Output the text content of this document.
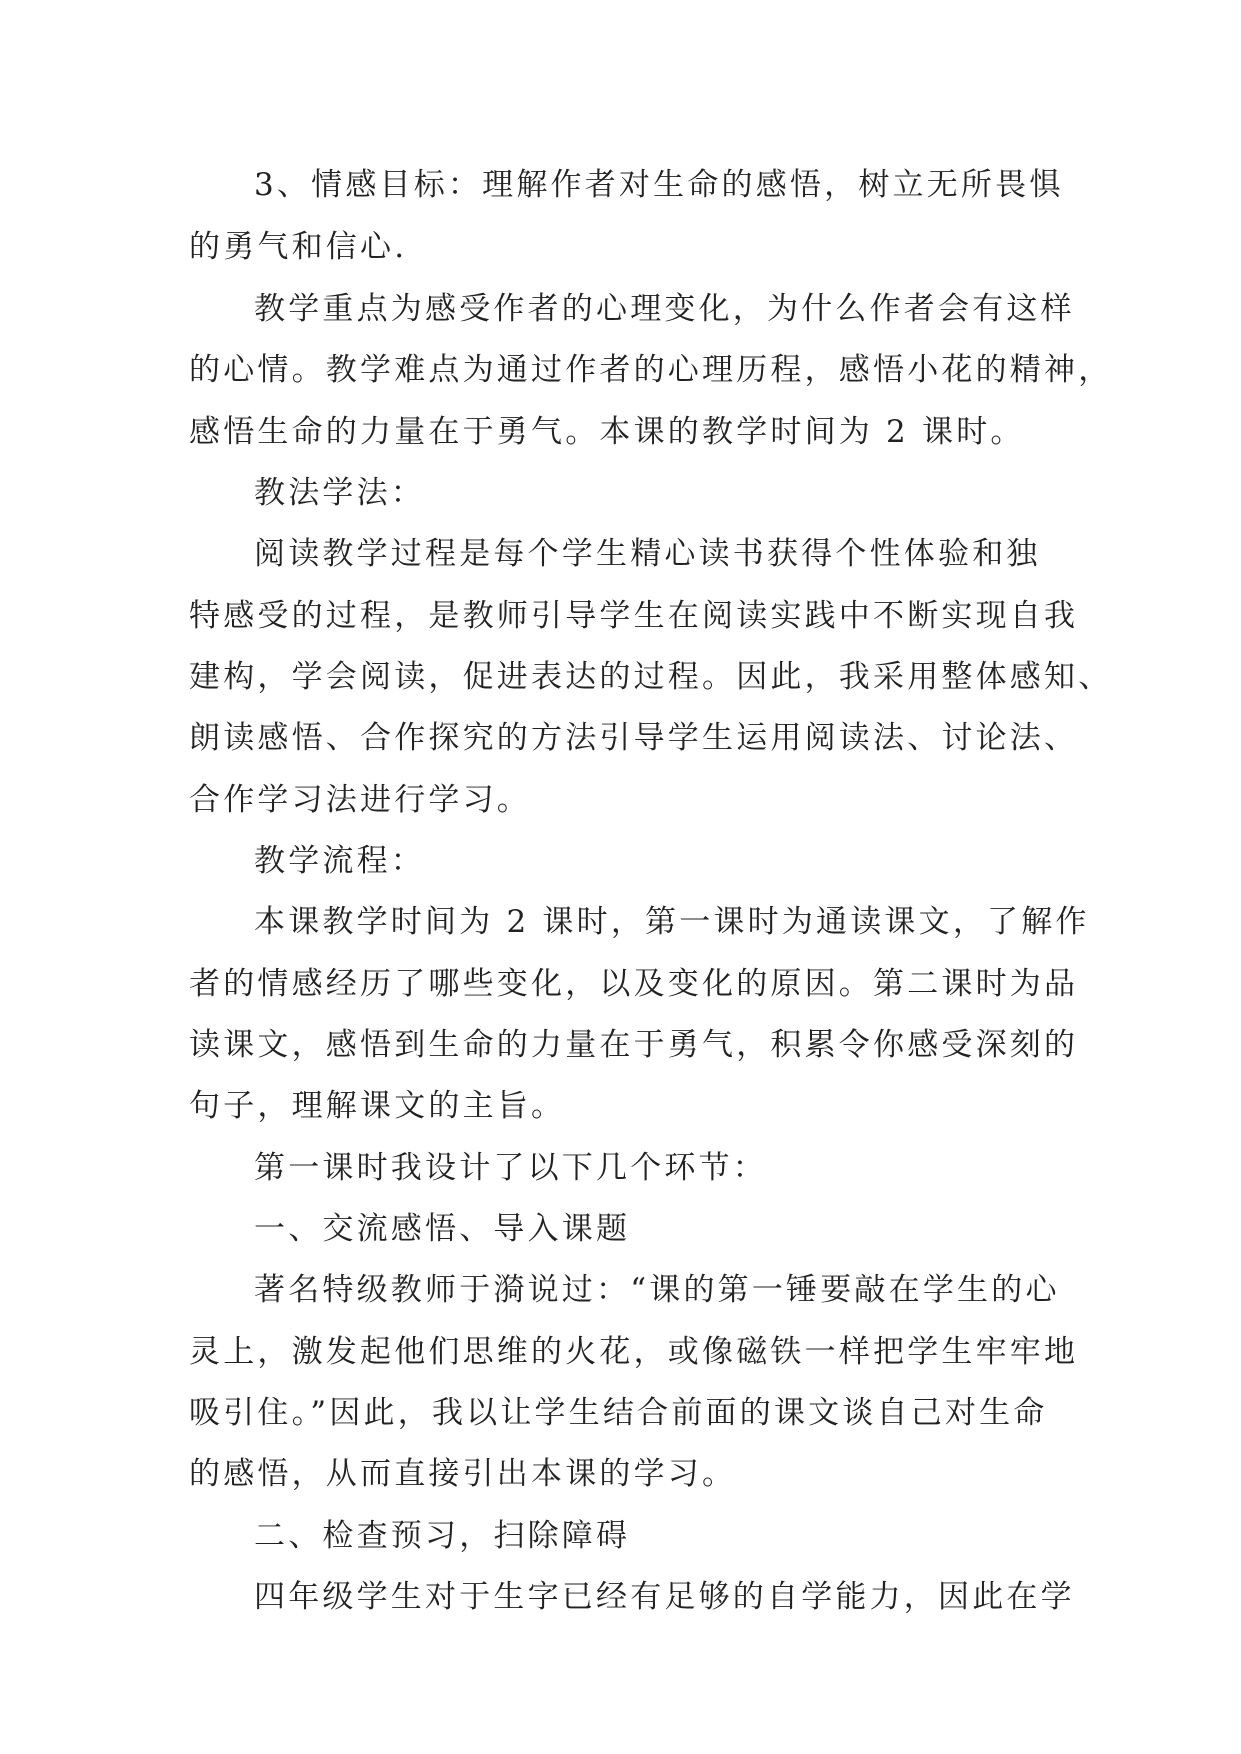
3、情感目标：理解作者对生命的感悟，树立无所畏惧
的勇气和信心.
教学重点为感受作者的心理变化，为什么作者会有这样
的心情。教学难点为通过作者的心理历程，感悟小花的精神，
感悟生命的力量在于勇气。本课的教学时间为 2 课时。
教法学法：
阅读教学过程是每个学生精心读书获得个性体验和独
特感受的过程，是教师引导学生在阅读实践中不断实现自我
建构，学会阅读，促进表达的过程。因此，我采用整体感知、
朗读感悟、合作探究的方法引导学生运用阅读法、讨论法、
合作学习法进行学习。
教学流程：
本课教学时间为 2 课时，第一课时为通读课文，了解作
者的情感经历了哪些变化，以及变化的原因。第二课时为品
读课文，感悟到生命的力量在于勇气，积累令你感受深刻的
句子，理解课文的主旨。
第一课时我设计了以下几个环节：
一、交流感悟、导入课题
著名特级教师于漪说过：“课的第一锤要敲在学生的心
灵上，激发起他们思维的火花，或像磁铁一样把学生牢牢地
吸引住。”因此，我以让学生结合前面的课文谈自己对生命
的感悟，从而直接引出本课的学习。
二、检查预习，扫除障碍
四年级学生对于生字已经有足够的自学能力，因此在学
